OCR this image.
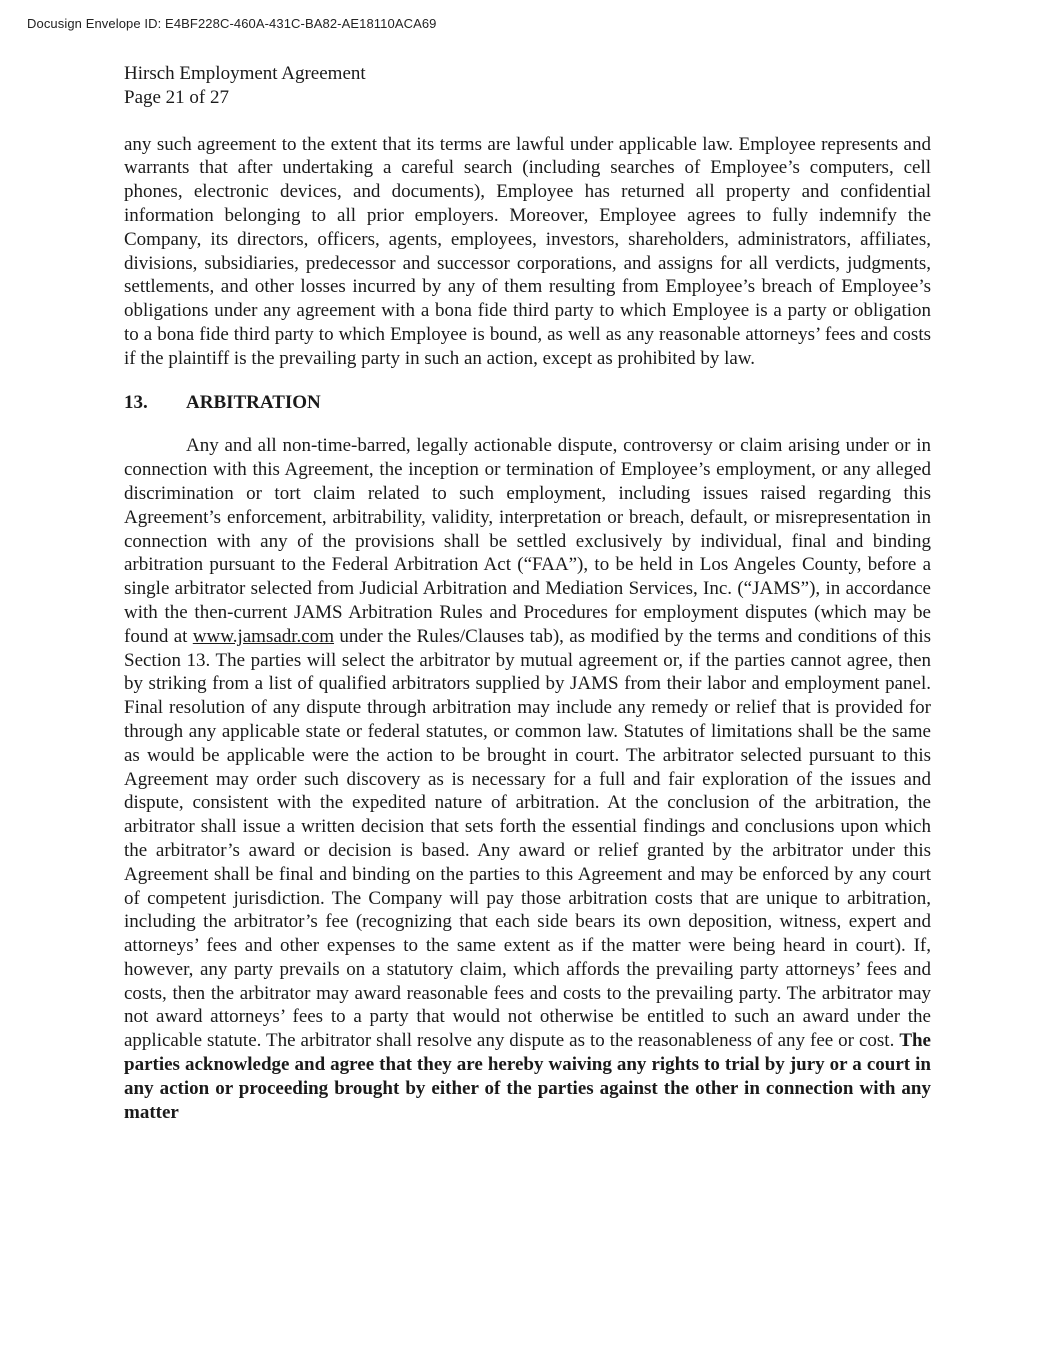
Docusign Envelope ID: E4BF228C-460A-431C-BA82-AE18110ACA69
Hirsch Employment Agreement
Page 21 of 27

any such agreement to the extent that its terms are lawful under applicable law. Employee represents and warrants that after undertaking a careful search (including searches of Employee’s computers, cell phones, electronic devices, and documents), Employee has returned all property and confidential information belonging to all prior employers. Moreover, Employee agrees to fully indemnify the Company, its directors, officers, agents, employees, investors, shareholders, administrators, affiliates, divisions, subsidiaries, predecessor and successor corporations, and assigns for all verdicts, judgments, settlements, and other losses incurred by any of them resulting from Employee’s breach of Employee’s obligations under any agreement with a bona fide third party to which Employee is a party or obligation to a bona fide third party to which Employee is bound, as well as any reasonable attorneys’ fees and costs if the plaintiff is the prevailing party in such an action, except as prohibited by law.

13. ARBITRATION

Any and all non-time-barred, legally actionable dispute, controversy or claim arising under or in connection with this Agreement, the inception or termination of Employee’s employment, or any alleged discrimination or tort claim related to such employment, including issues raised regarding this Agreement’s enforcement, arbitrability, validity, interpretation or breach, default, or misrepresentation in connection with any of the provisions shall be settled exclusively by individual, final and binding arbitration pursuant to the Federal Arbitration Act (“FAA”), to be held in Los Angeles County, before a single arbitrator selected from Judicial Arbitration and Mediation Services, Inc. (“JAMS”), in accordance with the then-current JAMS Arbitration Rules and Procedures for employment disputes (which may be found at www.jamsadr.com under the Rules/Clauses tab), as modified by the terms and conditions of this Section 13. The parties will select the arbitrator by mutual agreement or, if the parties cannot agree, then by striking from a list of qualified arbitrators supplied by JAMS from their labor and employment panel. Final resolution of any dispute through arbitration may include any remedy or relief that is provided for through any applicable state or federal statutes, or common law. Statutes of limitations shall be the same as would be applicable were the action to be brought in court. The arbitrator selected pursuant to this Agreement may order such discovery as is necessary for a full and fair exploration of the issues and dispute, consistent with the expedited nature of arbitration. At the conclusion of the arbitration, the arbitrator shall issue a written decision that sets forth the essential findings and conclusions upon which the arbitrator’s award or decision is based. Any award or relief granted by the arbitrator under this Agreement shall be final and binding on the parties to this Agreement and may be enforced by any court of competent jurisdiction. The Company will pay those arbitration costs that are unique to arbitration, including the arbitrator’s fee (recognizing that each side bears its own deposition, witness, expert and attorneys’ fees and other expenses to the same extent as if the matter were being heard in court). If, however, any party prevails on a statutory claim, which affords the prevailing party attorneys’ fees and costs, then the arbitrator may award reasonable fees and costs to the prevailing party. The arbitrator may not award attorneys’ fees to a party that would not otherwise be entitled to such an award under the applicable statute. The arbitrator shall resolve any dispute as to the reasonableness of any fee or cost. The parties acknowledge and agree that they are hereby waiving any rights to trial by jury or a court in any action or proceeding brought by either of the parties against the other in connection with any matter
